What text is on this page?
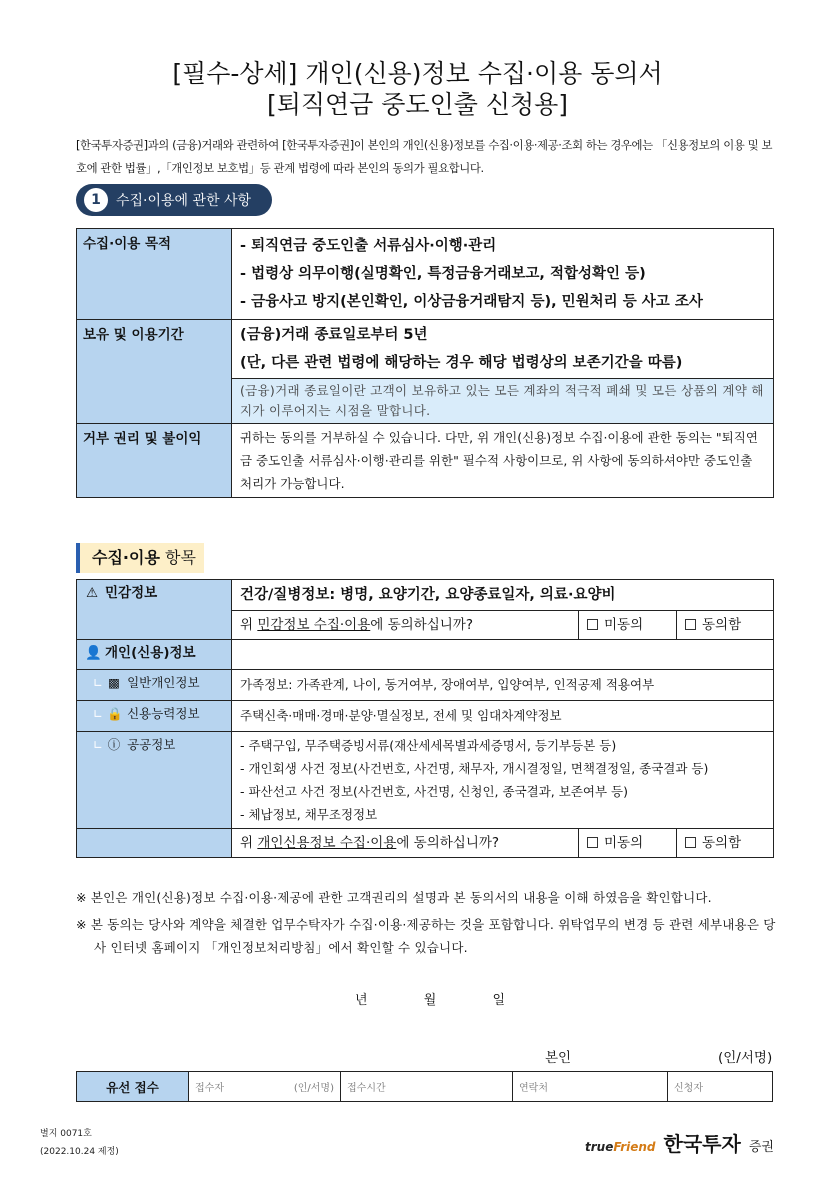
[필수-상세] 개인(신용)정보 수집·이용 동의서
[퇴직연금 중도인출 신청용]

[한국투자증권]과의 (금융)거래와 관련하여 [한국투자증권]이 본인의 개인(신용)정보를 수집·이용·제공·조회 하는 경우에는 「신용정보의 이용 및 보호에 관한 법률」,「개인정보 보호법」등 관계 법령에 따라 본인의 동의가 필요합니다.

1	수집·이용에 관한 사항
수집·이용 목적	- 퇴직연금 중도인출 서류심사·이행·관리
- 법령상 의무이행(실명확인, 특정금융거래보고, 적합성확인 등)
- 금융사고 방지(본인확인, 이상금융거래탐지 등), 민원처리 등 사고 조사

보유 및 이용기간	(금융)거래 종료일로부터 5년
(단, 다른 관련 법령에 해당하는 경우 해당 법령상의 보존기간을 따름)

	(금융)거래 종료일이란 고객이 보유하고 있는 모든 계좌의 적극적 폐쇄 및 모든 상품의 계약 해지가 이루어지는 시점을 말합니다.
거부 권리 및 불이익	귀하는 동의를 거부하실 수 있습니다. 다만, 위 개인(신용)정보 수집·이용에 관한 동의는 "퇴직연금 중도인출 서류심사·이행·관리를 위한" 필수적 사항이므로, 위 사항에 동의하셔야만 중도인출 처리가 가능합니다.
수집·이용 항목
⚠ 민감정보	건강/질병정보: 병명, 요양기간, 요양종료일자, 의료·요양비		
	위 민감정보 수집·이용에 동의하십니까?	미동의	동의함
👤 개인(신용)정보			
∟ ▩ 일반개인정보	가족정보: 가족관계, 나이, 동거여부, 장애여부, 입양여부, 인적공제 적용여부		
∟ 🔒 신용능력정보	주택신축·매매·경매·분양·멸실정보, 전세 및 임대차계약정보		
∟ ⓘ 공공정보	- 주택구입, 무주택증빙서류(재산세세목별과세증명서, 등기부등본 등)
- 개인회생 사건 정보(사건번호, 사건명, 채무자, 개시결정일, 면책결정일, 종국결과 등)
- 파산선고 사건 정보(사건번호, 사건명, 신청인, 종국결과, 보존여부 등)
- 체납정보, 채무조정정보		

	위 개인신용정보 수집·이용에 동의하십니까?	미동의	동의함

※ 본인은 개인(신용)정보 수집·이용·제공에 관한 고객권리의 설명과 본 동의서의 내용을 이해 하였음을 확인합니다.

※ 본 동의는 당사와 계약을 체결한 업무수탁자가 수집·이용·제공하는 것을 포함합니다. 위탁업무의 변경 등 관련 세부내용은 당사 인터넷 홈페이지 「개인정보처리방침」에서 확인할 수 있습니다.

년	월	일
본인	(인/서명)
유선 접수	접수자	(인/서명)	접수시간	연락처	신청자
별지 0071호
(2022.10.24 제정)	trueFriend 한국투자 증권
